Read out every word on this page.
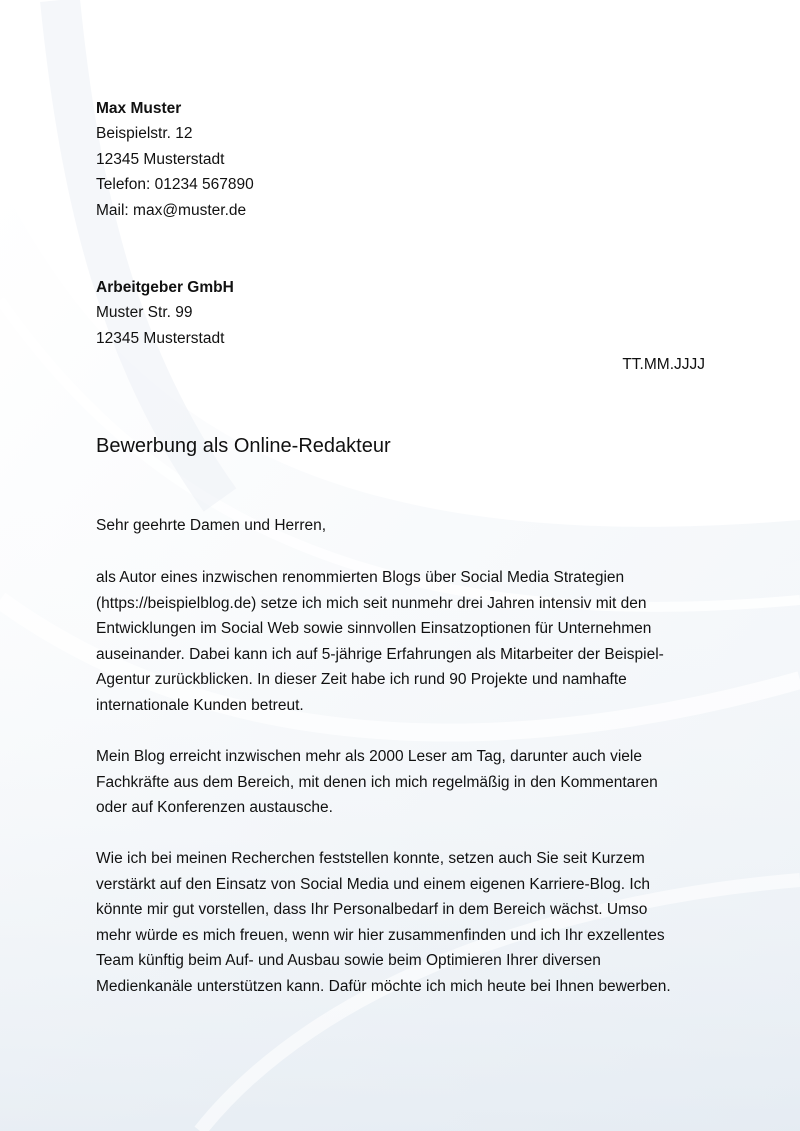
Max Muster
Beispielstr. 12
12345 Musterstadt
Telefon: 01234 567890
Mail: max@muster.de
Arbeitgeber GmbH
Muster Str. 99
12345 Musterstadt
TT.MM.JJJJ
Bewerbung als Online-Redakteur
Sehr geehrte Damen und Herren,
als Autor eines inzwischen renommierten Blogs über Social Media Strategien
(https://beispielblog.de) setze ich mich seit nunmehr drei Jahren intensiv mit den
Entwicklungen im Social Web sowie sinnvollen Einsatzoptionen für Unternehmen
auseinander. Dabei kann ich auf 5-jährige Erfahrungen als Mitarbeiter der Beispiel-
Agentur zurückblicken. In dieser Zeit habe ich rund 90 Projekte und namhafte
internationale Kunden betreut.
Mein Blog erreicht inzwischen mehr als 2000 Leser am Tag, darunter auch viele
Fachkräfte aus dem Bereich, mit denen ich mich regelmäßig in den Kommentaren
oder auf Konferenzen austausche.
Wie ich bei meinen Recherchen feststellen konnte, setzen auch Sie seit Kurzem
verstärkt auf den Einsatz von Social Media und einem eigenen Karriere-Blog. Ich
könnte mir gut vorstellen, dass Ihr Personalbedarf in dem Bereich wächst. Umso
mehr würde es mich freuen, wenn wir hier zusammenfinden und ich Ihr exzellentes
Team künftig beim Auf- und Ausbau sowie beim Optimieren Ihrer diversen
Medienkanäle unterstützen kann. Dafür möchte ich mich heute bei Ihnen bewerben.
